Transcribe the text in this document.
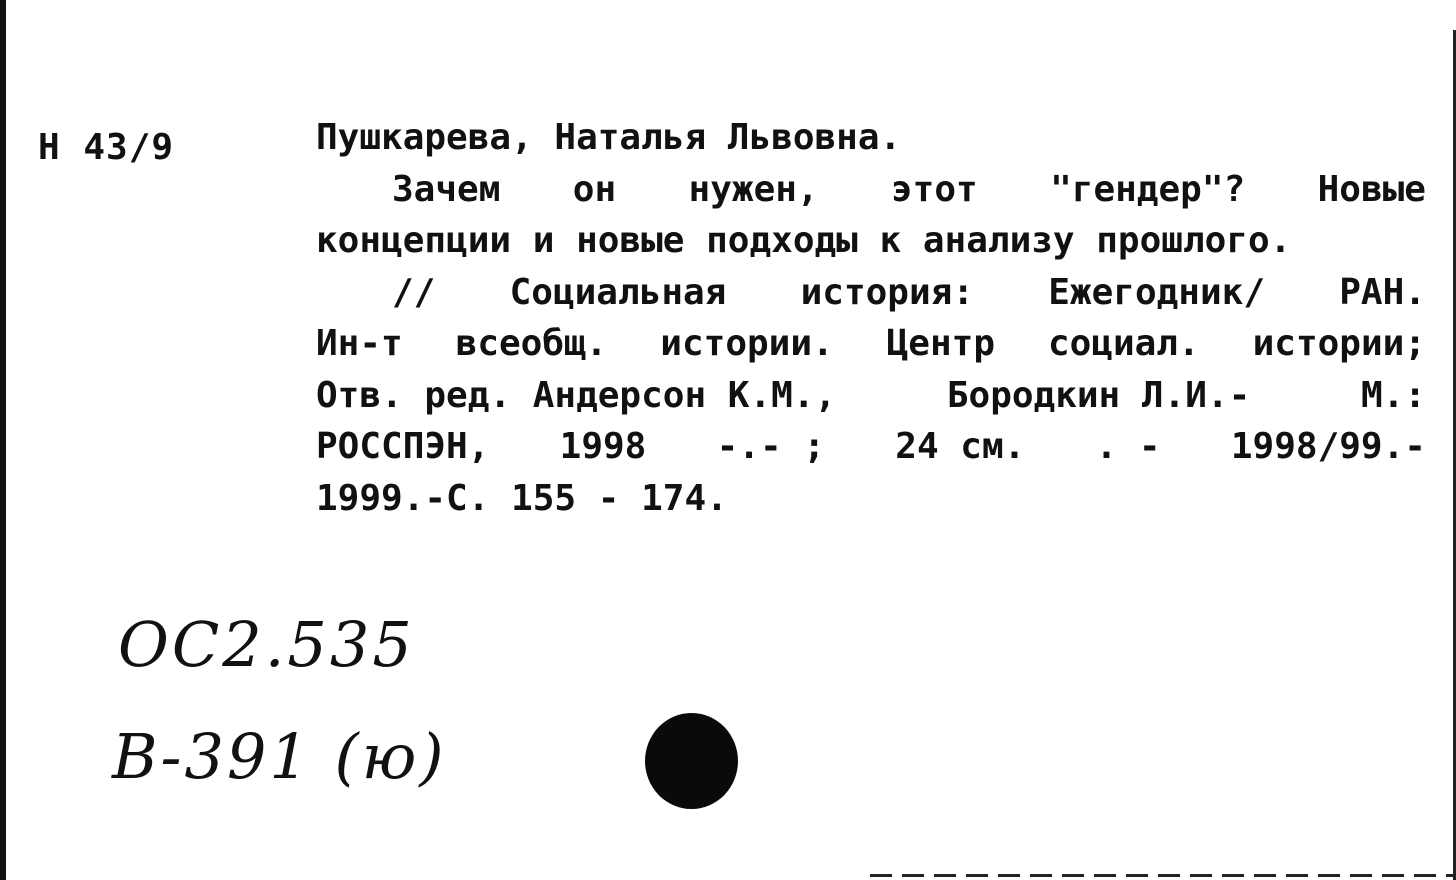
Н 43/9	Пушкарева, Наталья Львовна.
Зачем он нужен, этот "гендер"? Новые
концепции и новые подходы к анализу прошлого.
// Социальная история: Ежегодник/ РАН.
Ин-т всеобщ. истории. Центр социал. истории;
Отв. ред. Андерсон К.М.,	Бородкин Л.И.-	М.:
РОССПЭН, 1998 -.- ; 24 см. . - 1998/99.-
1999.-С. 155 - 174.
ОС2.535
В-391 (ю)
